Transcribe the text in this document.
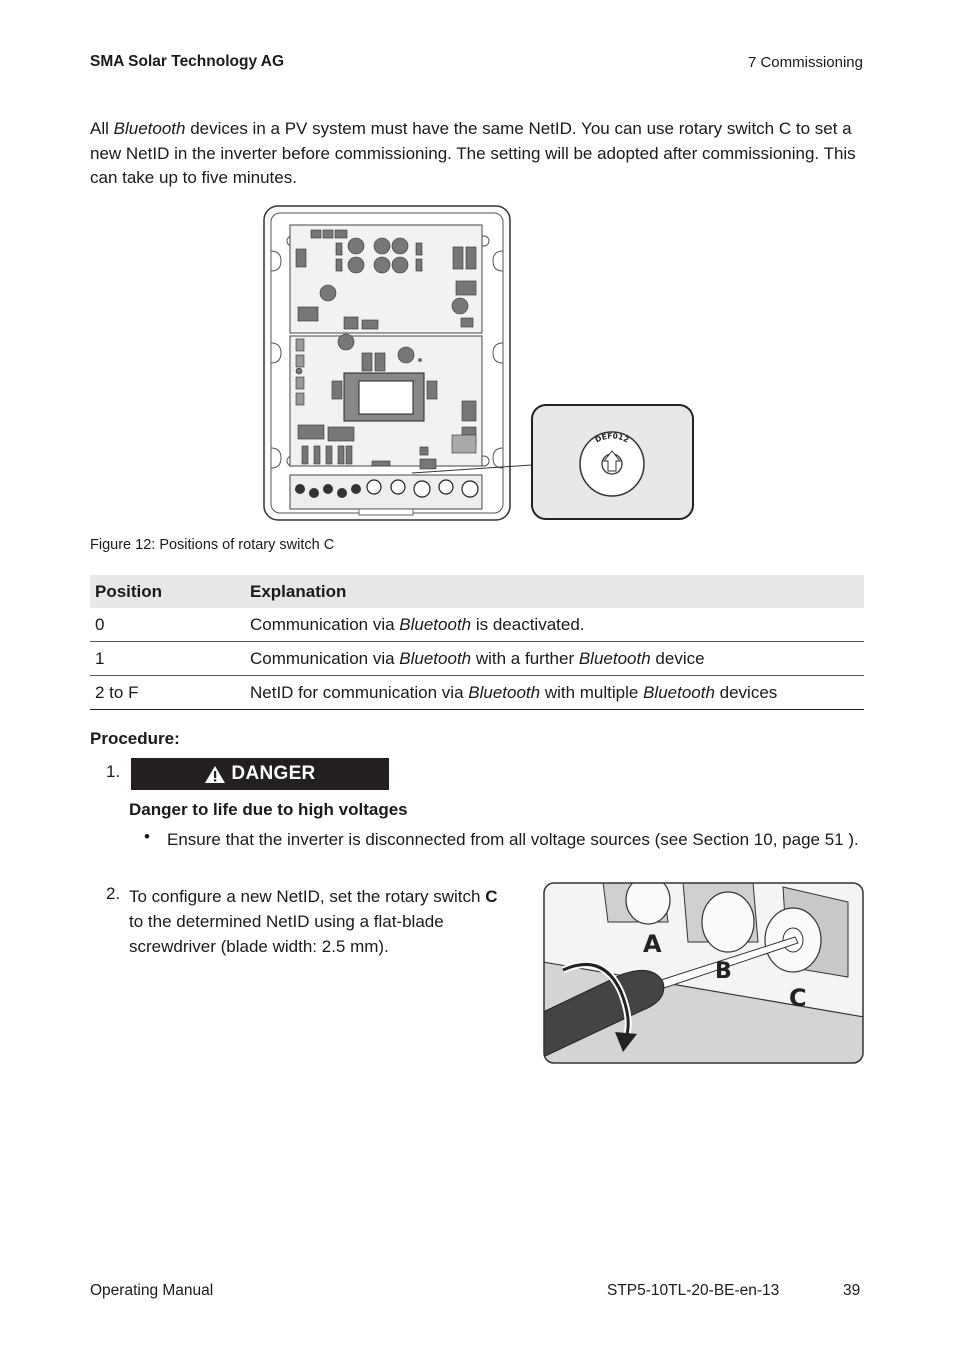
SMA Solar Technology AG	7 Commissioning
All Bluetooth devices in a PV system must have the same NetID. You can use rotary switch C to set a new NetID in the inverter before commissioning. The setting will be adopted after commissioning. This can take up to five minutes.
DEF012
Figure 12: Positions of rotary switch C
Position	Explanation
0	Communication via Bluetooth is deactivated.
1	Communication via Bluetooth with a further Bluetooth device
2 to F	NetID for communication via Bluetooth with multiple Bluetooth devices
Procedure:
1.	DANGER
Danger to life due to high voltages
• Ensure that the inverter is disconnected from all voltage sources (see Section 10, page 51 ).
2. To configure a new NetID, set the rotary switch C to the determined NetID using a flat-blade screwdriver (blade width: 2.5 mm).	A
B
C
Operating Manual	STP5-10TL-20-BE-en-13	39
